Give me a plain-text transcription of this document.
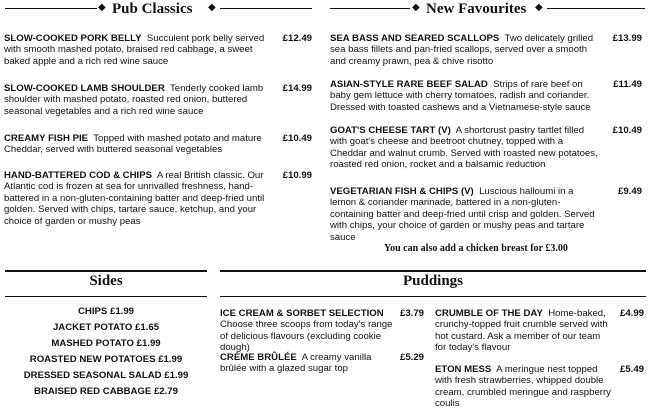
◆ Pub Classics ◆	◆ New Favourites ◆
SLOW-COOKED PORK BELLY Succulent pork belly served with smooth mashed potato, braised red cabbage, a sweet baked apple and a rich red wine sauce
£12.49
SLOW-COOKED LAMB SHOULDER Tenderly cooked lamb shoulder with mashed potato, roasted red onion, buttered seasonal vegetables and a rich red wine sauce
£14.99
CREAMY FISH PIE Topped with mashed potato and mature Cheddar, served with buttered seasonal vegetables
£10.49
HAND-BATTERED COD & CHIPS A real British classic. Our Atlantic cod is frozen at sea for unrivalled freshness, hand-battered in a non-gluten-containing batter and deep-fried until golden. Served with chips, tartare sauce, ketchup, and your choice of garden or mushy peas
£10.99
SEA BASS AND SEARED SCALLOPS Two delicately grilled sea bass fillets and pan-fried scallops, served over a smooth and creamy prawn, pea & chive risotto
£13.99
ASIAN-STYLE RARE BEEF SALAD Strips of rare beef on baby gem lettuce with cherry tomatoes, radish and coriander. Dressed with toasted cashews and a Vietnamese-style sauce
£11.49
GOAT'S CHEESE TART (V) A shortcrust pastry tartlet filled with goat's cheese and beetroot chutney, topped with a Cheddar and walnut crumb. Served with roasted new potatoes, roasted red onion, rocket and a balsamic reduction
£10.49
VEGETARIAN FISH & CHIPS (V) Luscious halloumi in a lemon & coriander marinade, battered in a non-gluten-containing batter and deep-fried until crisp and golden. Served with chips, your choice of garden or mushy peas and tartare sauce
£9.49
You can also add a chicken breast for £3.00
Sides
CHIPS £1.99
JACKET POTATO £1.65
MASHED POTATO £1.99
ROASTED NEW POTATOES £1.99
DRESSED SEASONAL SALAD £1.99
BRAISED RED CABBAGE £2.79
Puddings
ICE CREAM & SORBET SELECTION
Choose three scoops from today's range of delicious flavours (excluding cookie dough)
£3.79
CRÈME BRÛLÉE A creamy vanilla brûlée with a glazed sugar top
£5.29
CRUMBLE OF THE DAY Home-baked, crunchy-topped fruit crumble served with hot custard. Ask a member of our team for today's flavour
£4.99
ETON MESS A meringue nest topped with fresh strawberries, whipped double cream, crumbled meringue and raspberry coulis
£5.49
